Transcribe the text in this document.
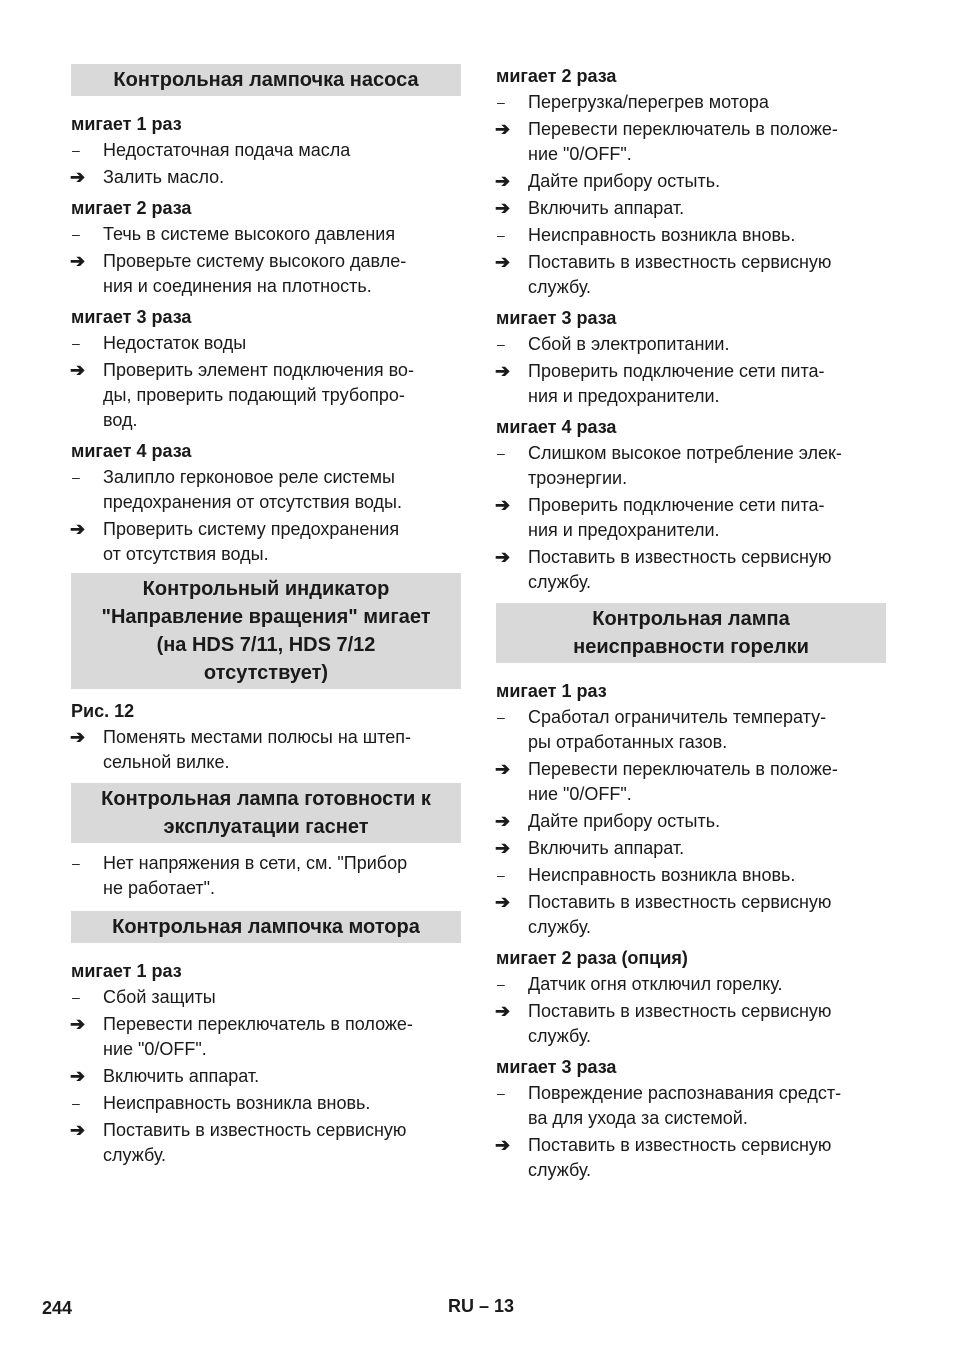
Контрольная лампочка насоса
мигает 1 раз
–	Недостаточная подача масла
➔ Залить масло.
мигает 2 раза
–	Течь в системе высокого давления
➔ Проверьте систему высокого давле-
ния и соединения на плотность.
мигает 3 раза
–	Недостаток воды
➔ Проверить элемент подключения во-
ды, проверить подающий трубопро-
вод.
мигает 4 раза
–	Залипло герконовое реле системы
предохранения от отсутствия воды.
➔ Проверить систему предохранения
от отсутствия воды.
Контрольный индикатор
"Направление вращения" мигает
(на HDS 7/11, HDS 7/12
отсутствует)
Рис. 12
➔ Поменять местами полюсы на штеп-
сельной вилке.
Контрольная лампа готовности к
эксплуатации гаснет
–	Нет напряжения в сети, см. "Прибор
не работает".
Контрольная лампочка мотора
мигает 1 раз
–	Сбой защиты
➔ Перевести переключатель в положе-
ние "0/OFF".
➔ Включить аппарат.
–	Неисправность возникла вновь.
➔ Поставить в известность сервисную
службу.
мигает 2 раза
–	Перегрузка/перегрев мотора
➔ Перевести переключатель в положе-
ние "0/OFF".
➔ Дайте прибору остыть.
➔ Включить аппарат.
–	Неисправность возникла вновь.
➔ Поставить в известность сервисную
службу.
мигает 3 раза
–	Сбой в электропитании.
➔ Проверить подключение сети пита-
ния и предохранители.
мигает 4 раза
–	Слишком высокое потребление элек-
троэнергии.
➔ Проверить подключение сети пита-
ния и предохранители.
➔ Поставить в известность сервисную
службу.
Контрольная лампа
неисправности горелки
мигает 1 раз
–	Сработал ограничитель температу-
ры отработанных газов.
➔ Перевести переключатель в положе-
ние "0/OFF".
➔ Дайте прибору остыть.
➔ Включить аппарат.
–	Неисправность возникла вновь.
➔ Поставить в известность сервисную
службу.
мигает 2 раза (опция)
–	Датчик огня отключил горелку.
➔ Поставить в известность сервисную
службу.
мигает 3 раза
–	Повреждение распознавания средст-
ва для ухода за системой.
➔ Поставить в известность сервисную
службу.
244	RU – 13
